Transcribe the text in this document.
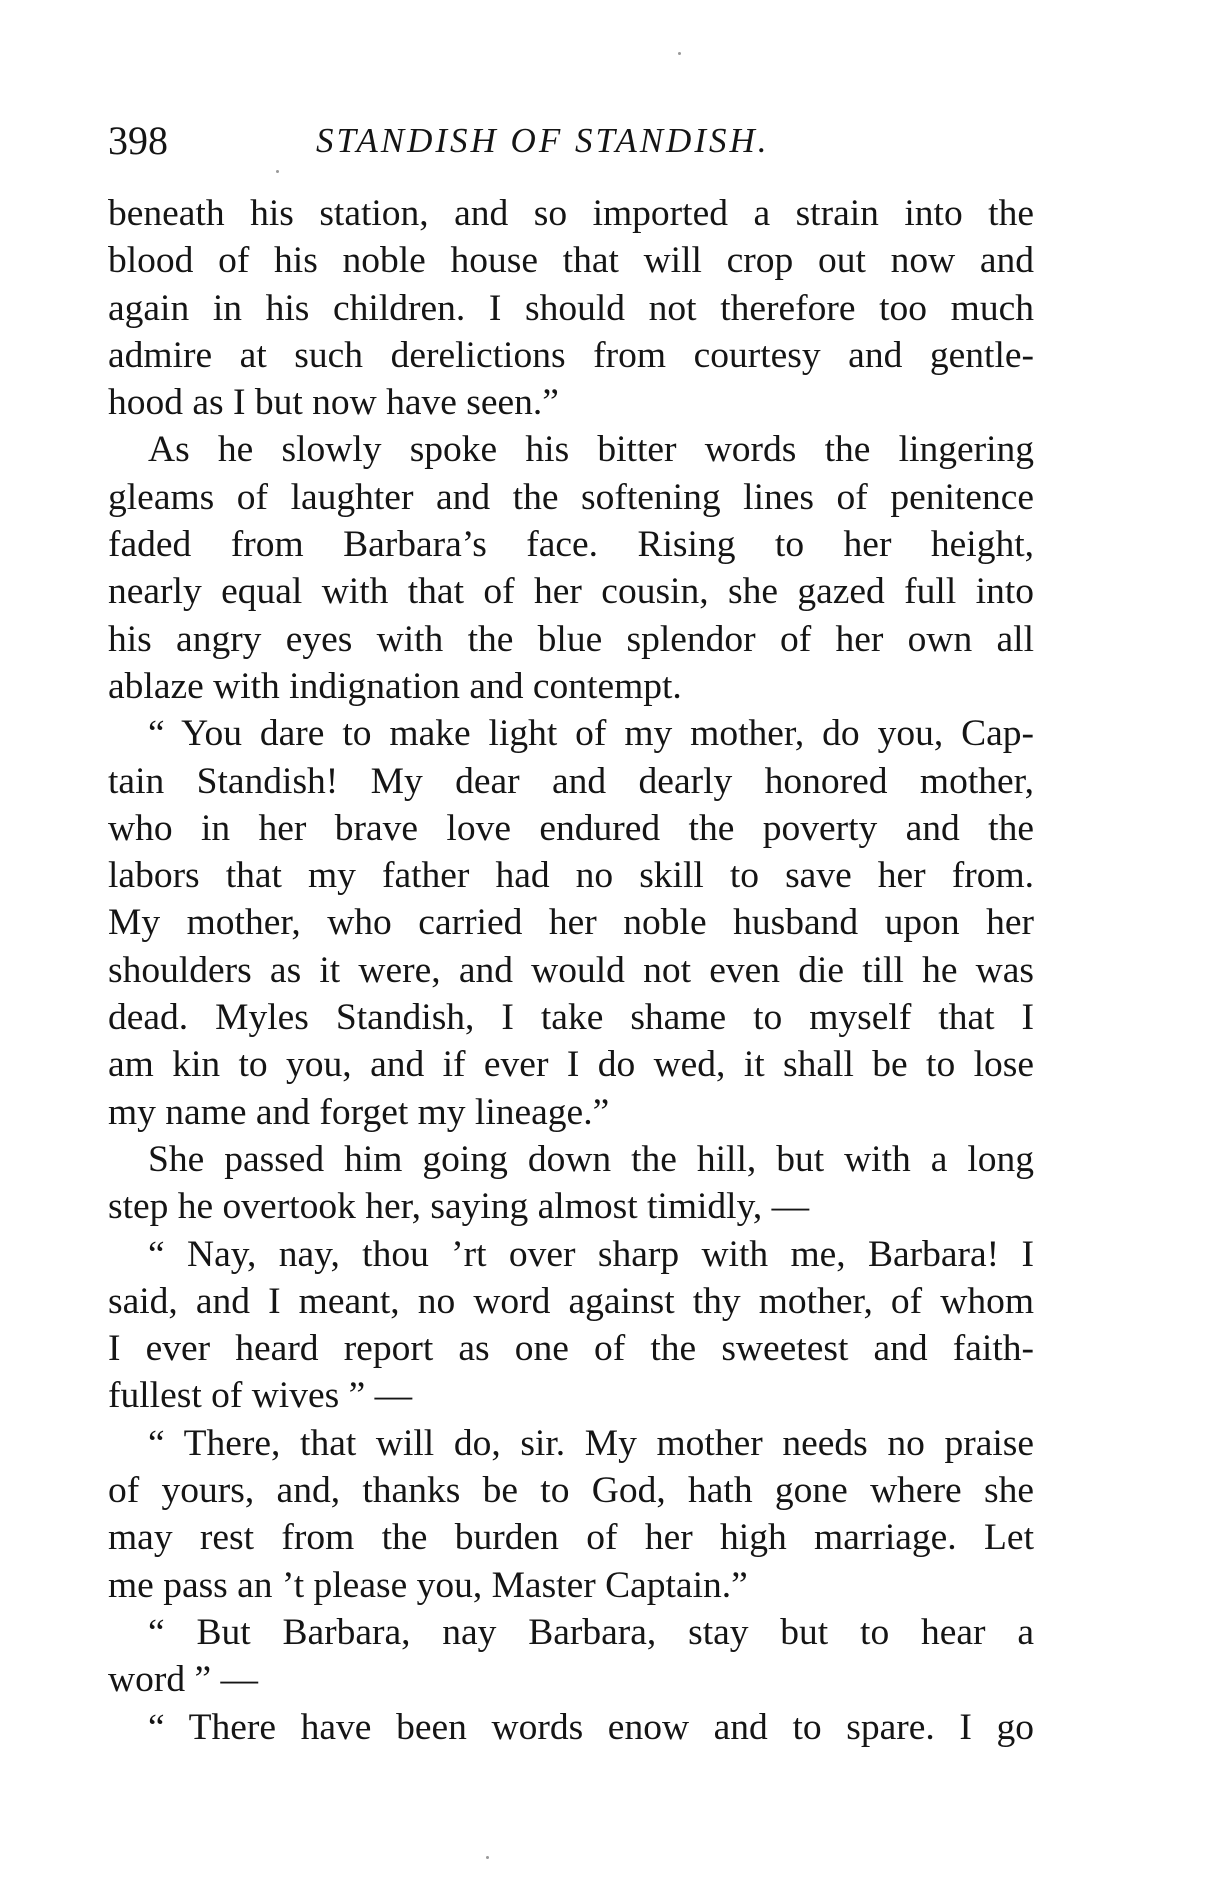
398	STANDISH OF STANDISH.
beneath his station, and so imported a strain into the
blood of his noble house that will crop out now and
again in his children. I should not therefore too much
admire at such derelictions from courtesy and gentle-
hood as I but now have seen.”
As he slowly spoke his bitter words the lingering
gleams of laughter and the softening lines of penitence
faded from Barbara’s face. Rising to her height,
nearly equal with that of her cousin, she gazed full into
his angry eyes with the blue splendor of her own all
ablaze with indignation and contempt.
“ You dare to make light of my mother, do you, Cap-
tain Standish! My dear and dearly honored mother,
who in her brave love endured the poverty and the
labors that my father had no skill to save her from.
My mother, who carried her noble husband upon her
shoulders as it were, and would not even die till he was
dead. Myles Standish, I take shame to myself that I
am kin to you, and if ever I do wed, it shall be to lose
my name and forget my lineage.”
She passed him going down the hill, but with a long
step he overtook her, saying almost timidly, —
“ Nay, nay, thou ’rt over sharp with me, Barbara! I
said, and I meant, no word against thy mother, of whom
I ever heard report as one of the sweetest and faith-
fullest of wives ” —
“ There, that will do, sir. My mother needs no praise
of yours, and, thanks be to God, hath gone where she
may rest from the burden of her high marriage. Let
me pass an ’t please you, Master Captain.”
“ But Barbara, nay Barbara, stay but to hear a
word ” —
“ There have been words enow and to spare. I go
